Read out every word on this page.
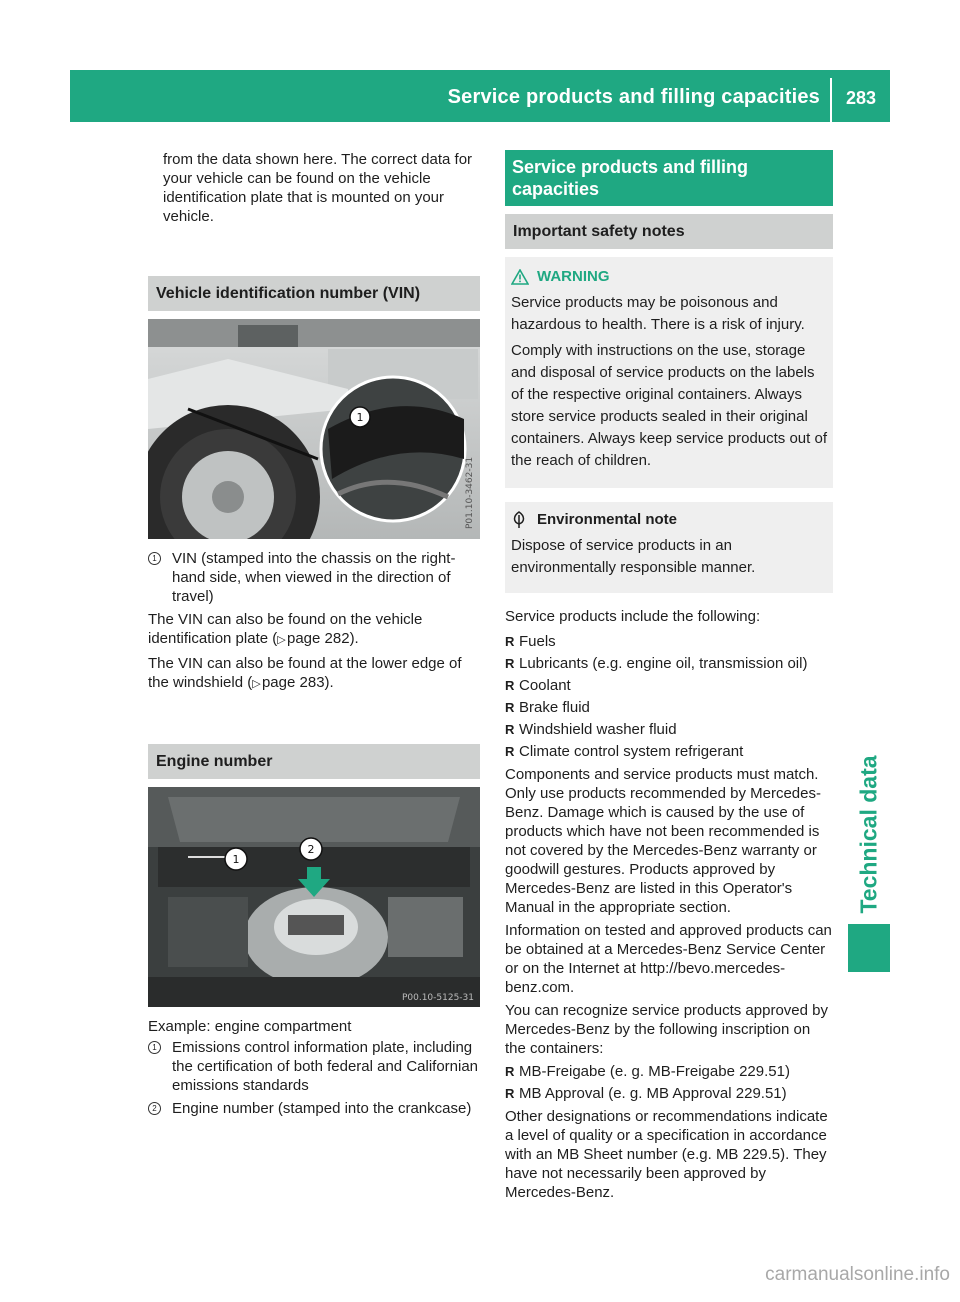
Service products and filling capacities 283
Technical data

from the data shown here. The correct data for your vehicle can be found on the vehicle identification plate that is mounted on your vehicle.

Vehicle identification number (VIN)
1
P01.10-3462-31
1 VIN (stamped into the chassis on the right-hand side, when viewed in the direction of travel)

The VIN can also be found on the vehicle identification plate (▷ page 282).

The VIN can also be found at the lower edge of the windshield (▷ page 283).

Engine number
1
2
P00.10-5125-31

Example: engine compartment

1 Emissions control information plate, including the certification of both federal and Californian emissions standards
2 Engine number (stamped into the crankcase)
Service products and filling capacities
Important safety notes
WARNING

Service products may be poisonous and hazardous to health. There is a risk of injury.

Comply with instructions on the use, storage and disposal of service products on the labels of the respective original containers. Always store service products sealed in their original containers. Always keep service products out of the reach of children.

Environmental note

Dispose of service products in an environmentally responsible manner.

Service products include the following:

R Fuels
R Lubricants (e.g. engine oil, transmission oil)
R Coolant
R Brake fluid
R Windshield washer fluid
R Climate control system refrigerant

Components and service products must match. Only use products recommended by Mercedes-Benz. Damage which is caused by the use of products which have not been recommended is not covered by the Mercedes-Benz warranty or goodwill gestures. Products approved by Mercedes-Benz are listed in this Operator's Manual in the appropriate section.

Information on tested and approved products can be obtained at a Mercedes-Benz Service Center or on the Internet at http://bevo.mercedes-benz.com.

You can recognize service products approved by Mercedes-Benz by the following inscription on the containers:

R MB-Freigabe (e. g. MB-Freigabe 229.51)
R MB Approval (e. g. MB Approval 229.51)

Other designations or recommendations indicate a level of quality or a specification in accordance with an MB Sheet number (e.g. MB 229.5). They have not necessarily been approved by Mercedes-Benz.

carmanualsonline.info
